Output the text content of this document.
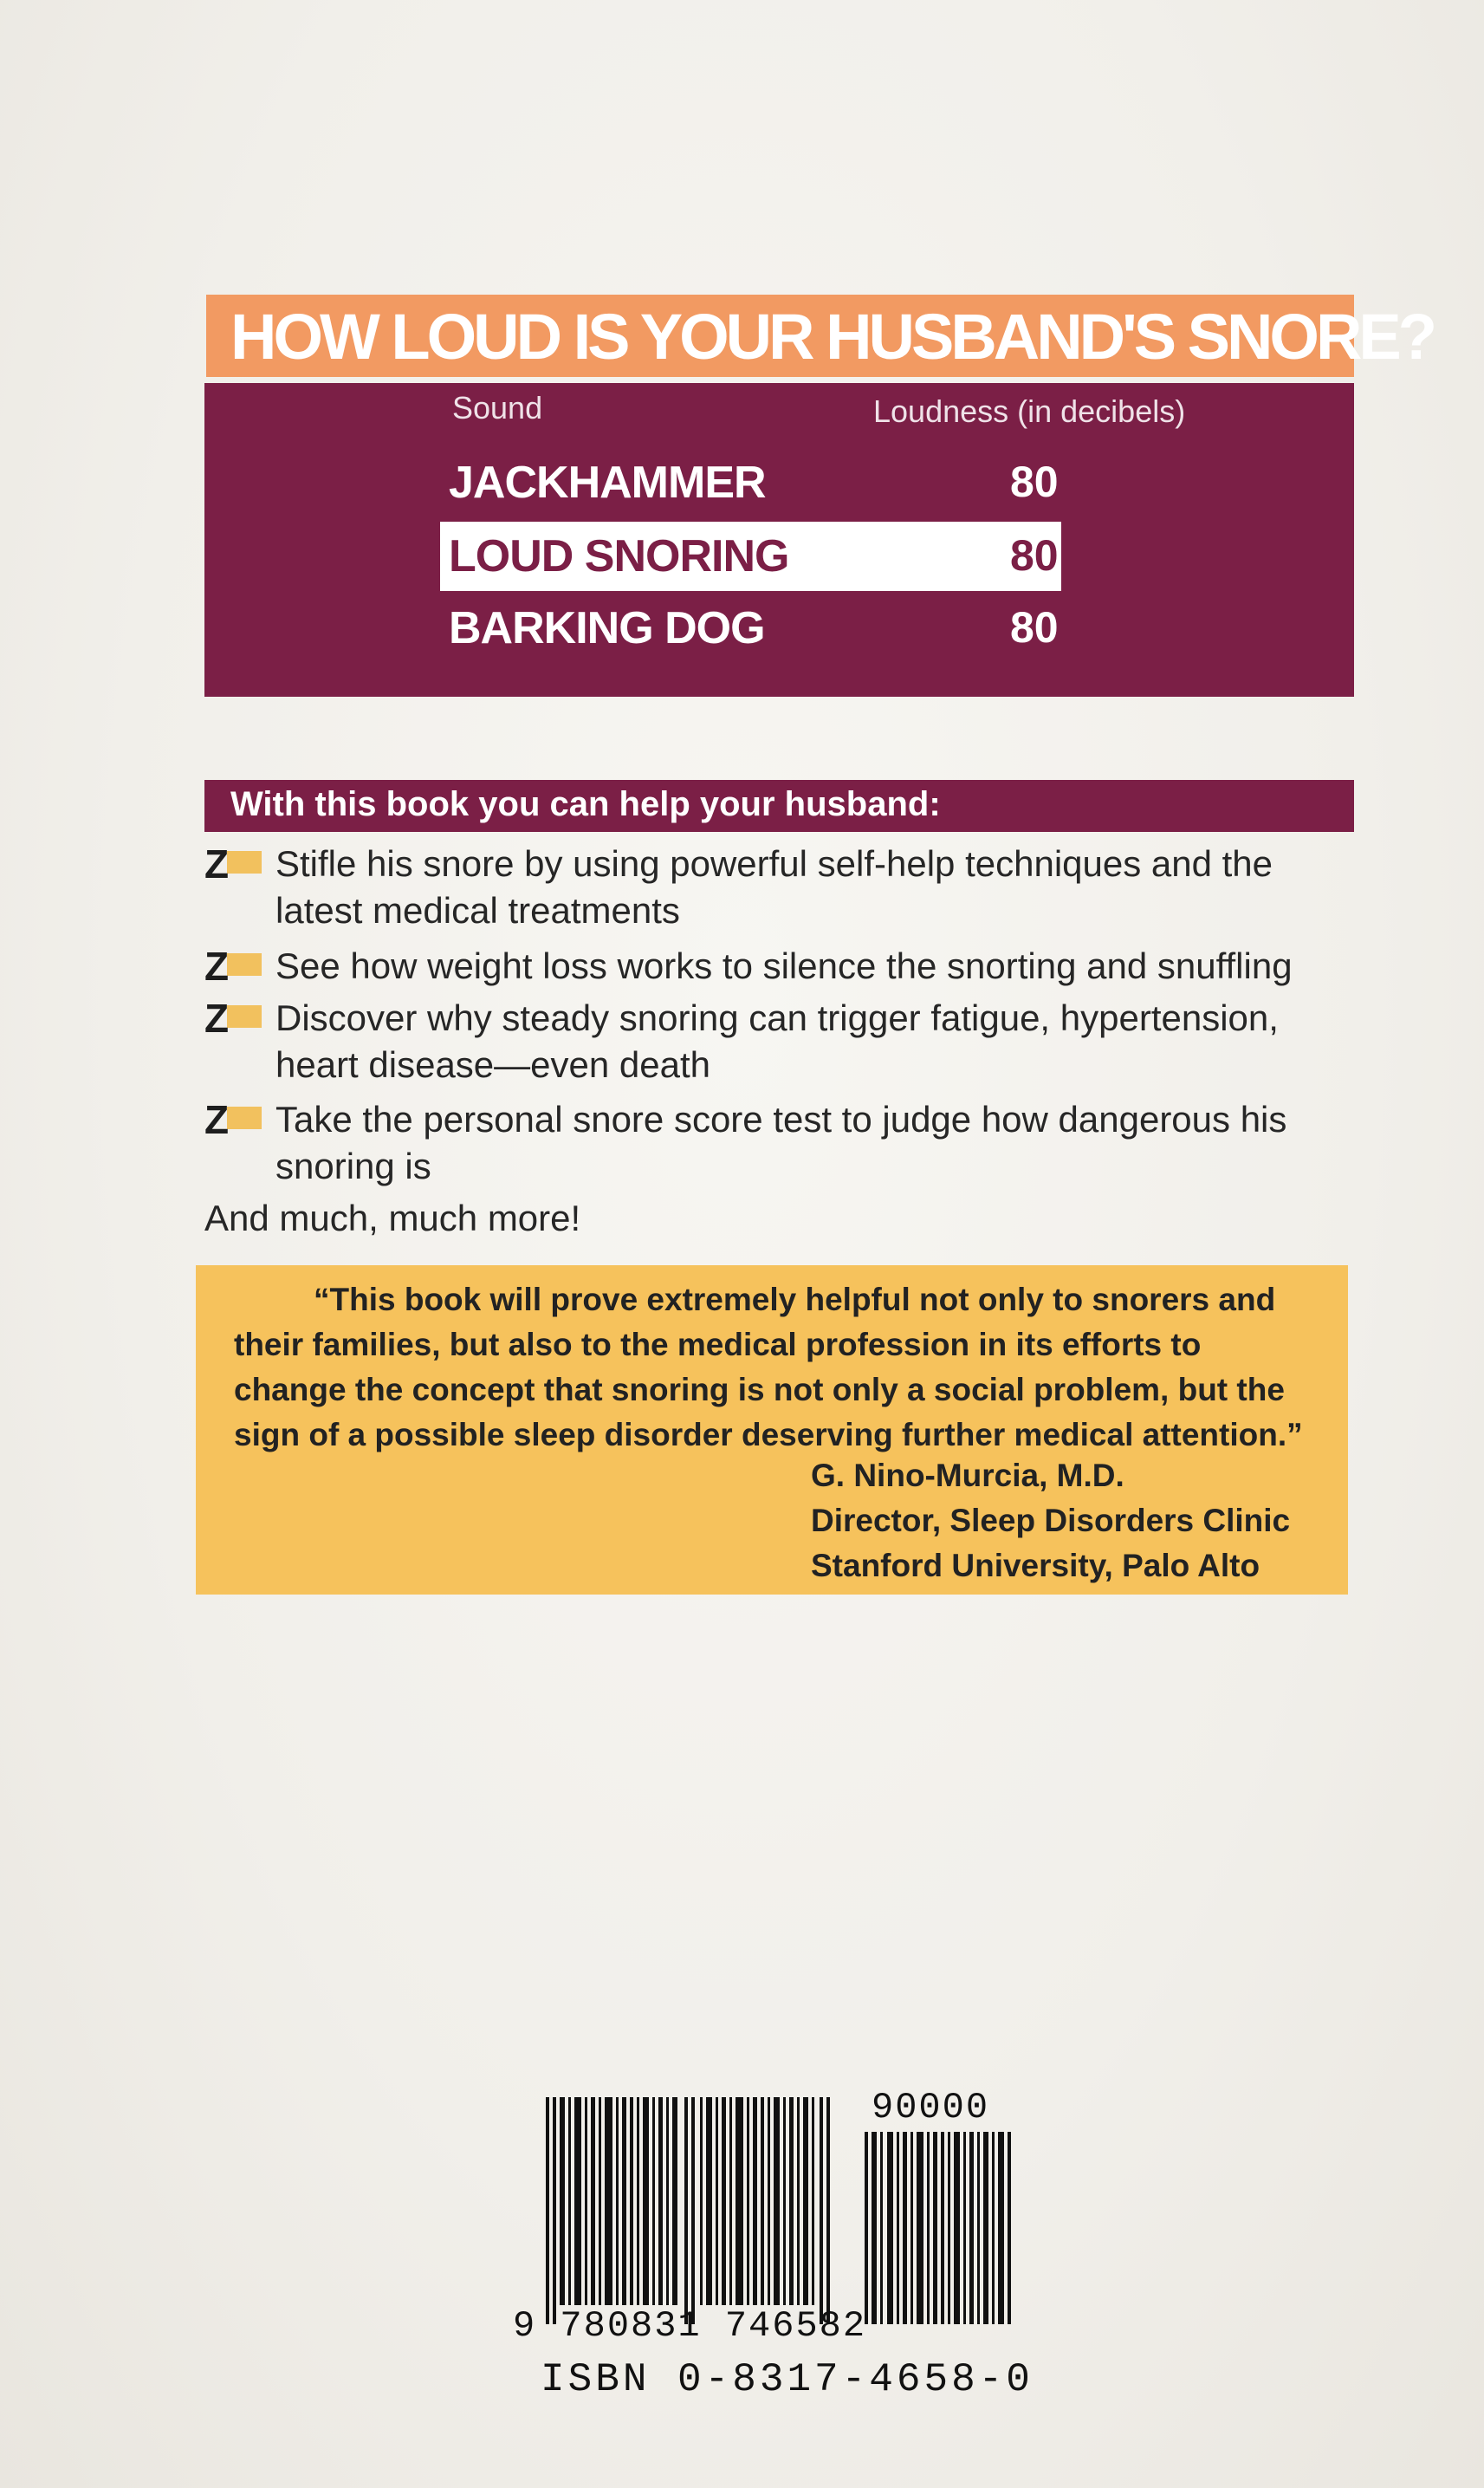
HOW LOUD IS YOUR HUSBAND'S SNORE?
Sound	Loudness (in decibels)
JACKHAMMER	80
LOUD SNORING	80
BARKING DOG	80
With this book you can help your husband:
Z Stifle his snore by using powerful self-help techniques and the latest medical treatments
Z See how weight loss works to silence the snorting and snuffling
Z Discover why steady snoring can trigger fatigue, hypertension, heart disease—even death
Z Take the personal snore score test to judge how dangerous his snoring is
And much, much more!
“This book will prove extremely helpful not only to snorers and their families, but also to the medical profession in its efforts to change the concept that snoring is not only a social problem, but the sign of a possible sleep disorder deserving further medical attention.”
G. Nino-Murcia, M.D.
Director, Sleep Disorders Clinic
Stanford University, Palo Alto
90000
9 780831 746582
ISBN 0-8317-4658-0
